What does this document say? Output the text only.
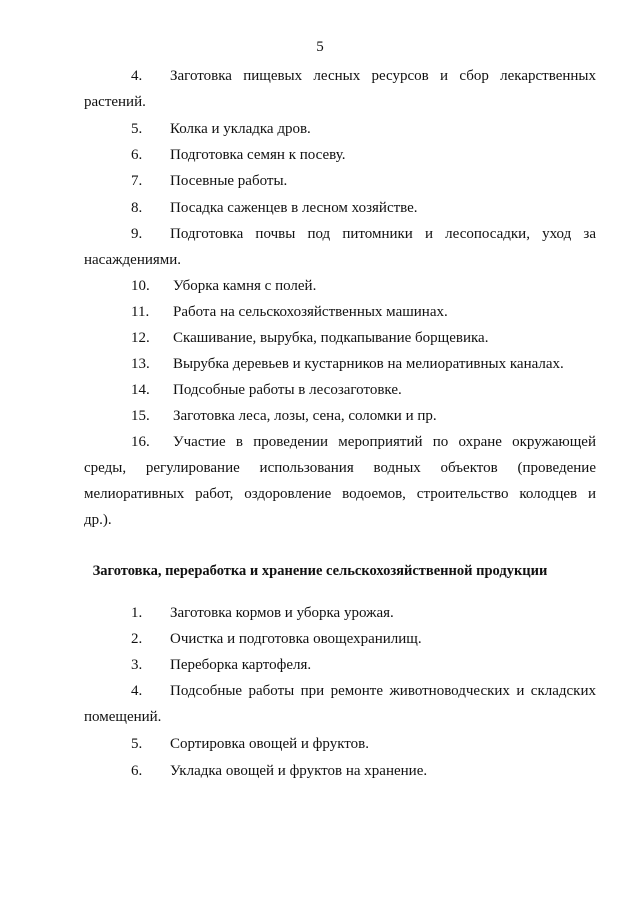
5
4.	Заготовка пищевых лесных ресурсов и сбор лекарственных
растений.
5.	Колка и укладка дров.
6.	Подготовка семян к посеву.
7.	Посевные работы.
8.	Посадка саженцев в лесном хозяйстве.
9.	Подготовка почвы под питомники и лесопосадки, уход за
насаждениями.
10.	Уборка камня с полей.
11.	Работа на сельскохозяйственных машинах.
12.	Скашивание, вырубка, подкапывание борщевика.
13.	Вырубка деревьев и кустарников на мелиоративных каналах.
14.	Подсобные работы в лесозаготовке.
15.	Заготовка леса, лозы, сена, соломки и пр.
16.	Участие в проведении мероприятий по охране окружающей
среды, регулирование использования водных объектов (проведение
мелиоративных работ, оздоровление водоемов, строительство колодцев и
др.).
Заготовка, переработка и хранение сельскохозяйственной продукции
1.	Заготовка кормов и уборка урожая.
2.	Очистка и подготовка овощехранилищ.
3.	Переборка картофеля.
4.	Подсобные работы при ремонте животноводческих и складских
помещений.
5.	Сортировка овощей и фруктов.
6.	Укладка овощей и фруктов на хранение.
